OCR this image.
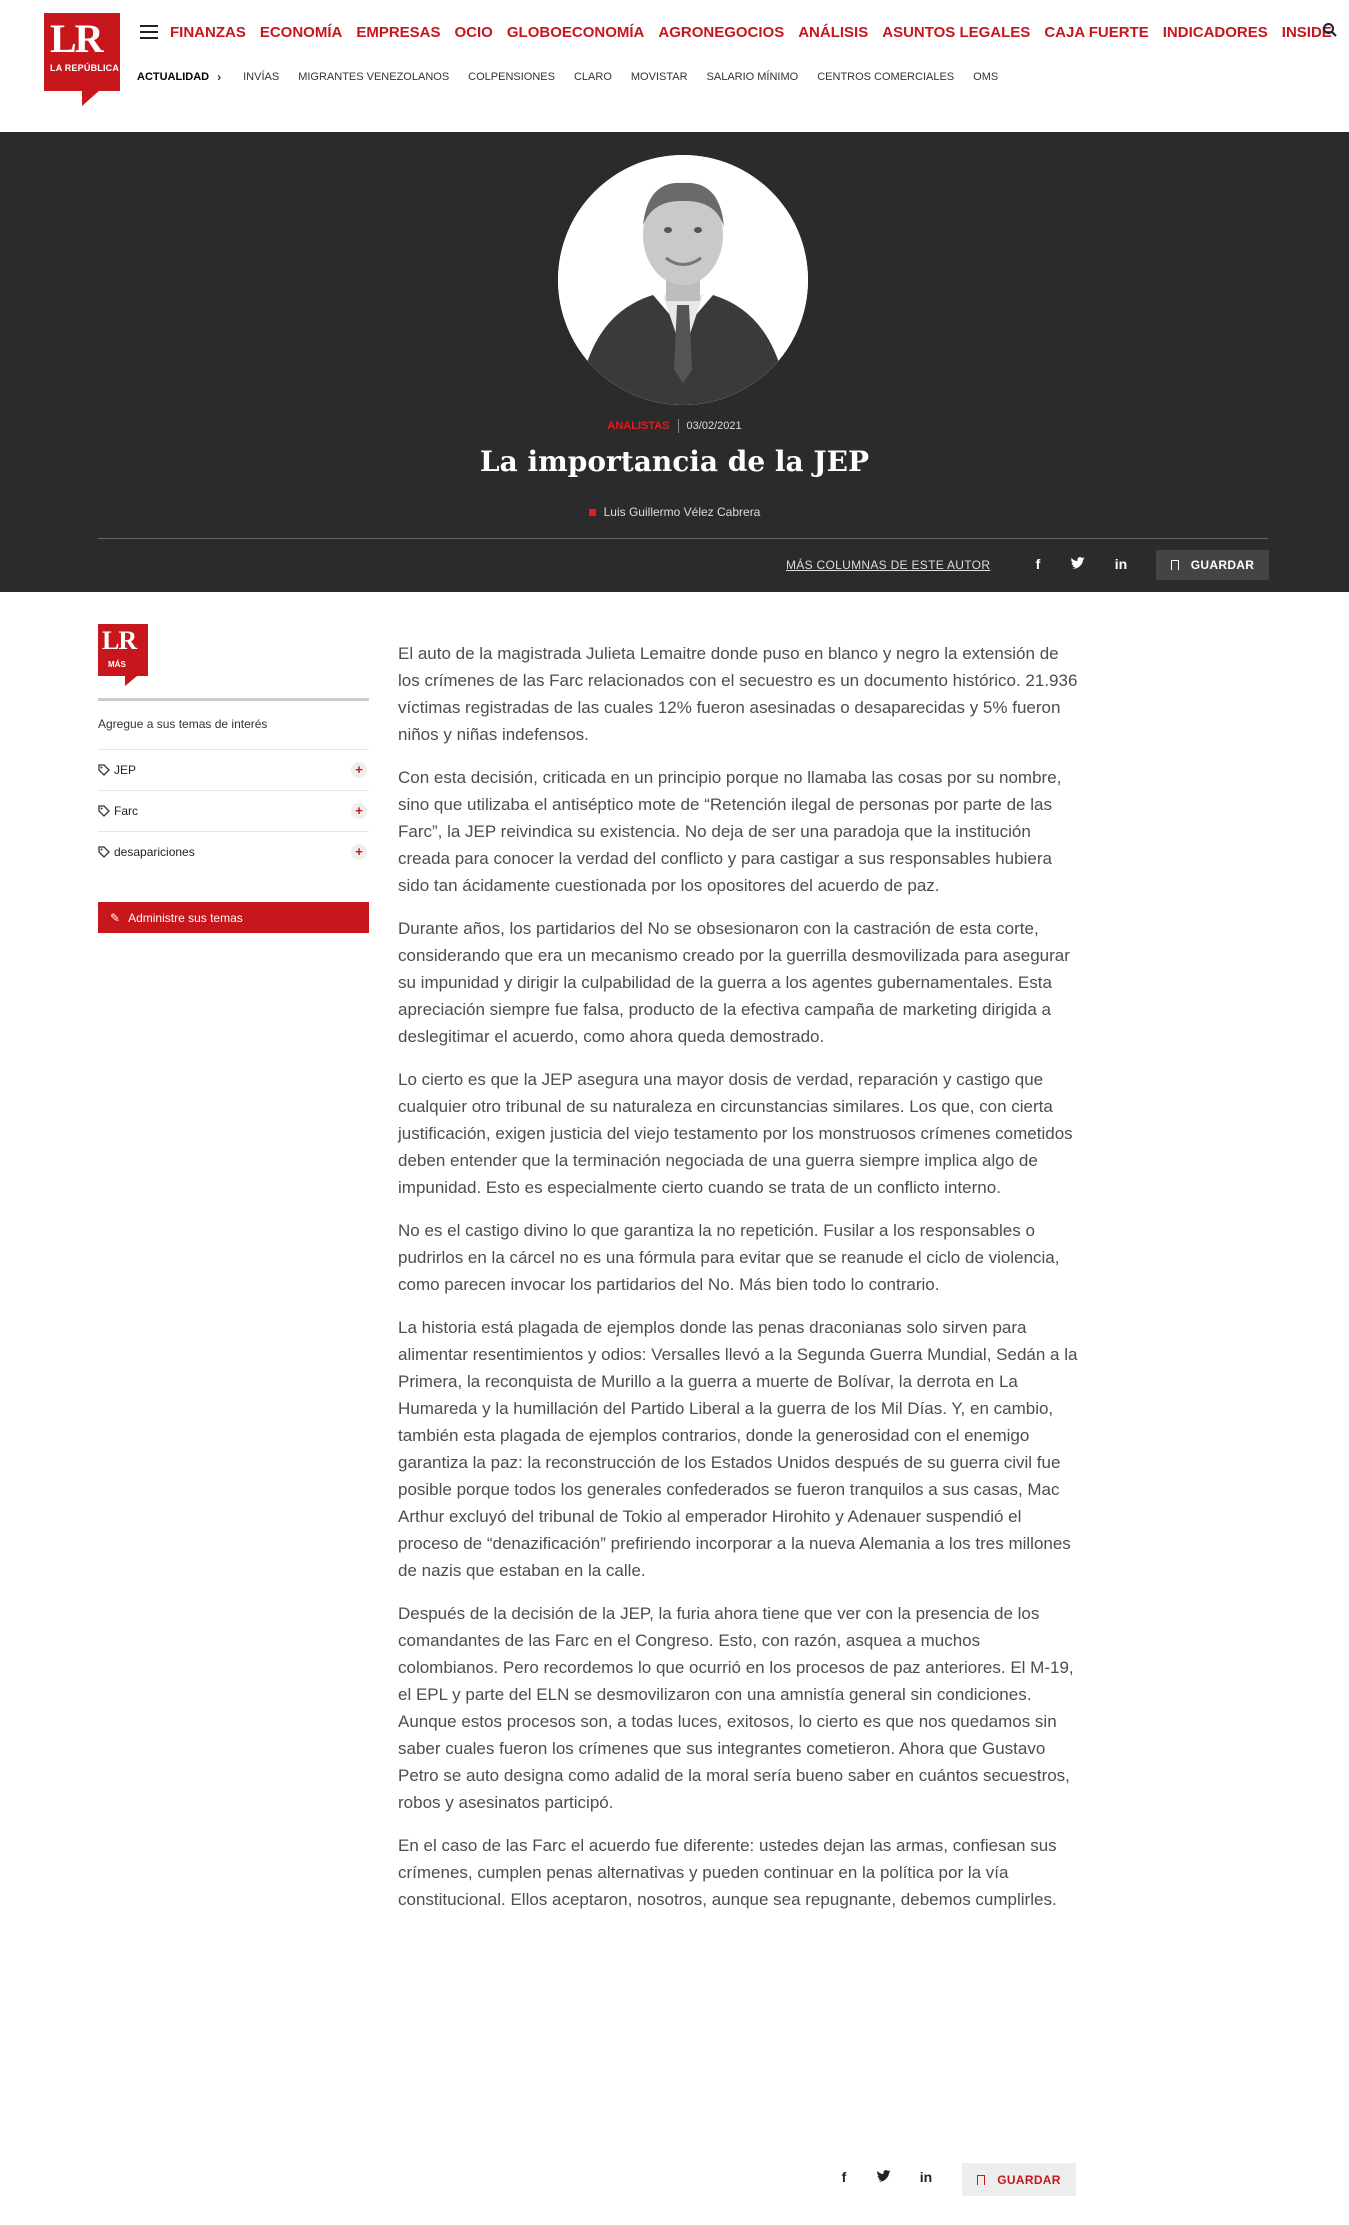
LR
LA REPÚBLICA
FINANZAS ECONOMÍA EMPRESAS OCIO GLOBOECONOMÍA AGRONEGOCIOS ANÁLISIS ASUNTOS LEGALES CAJA FUERTE INDICADORES INSIDE
ACTUALIDAD › INVÍAS MIGRANTES VENEZOLANOS COLPENSIONES CLARO MOVISTAR SALARIO MÍNIMO CENTROS COMERCIALES OMS
ANALISTAS 03/02/2021
La importancia de la JEP
Luis Guillermo Vélez Cabrera
MÁS COLUMNAS DE ESTE AUTOR	f	in	GUARDAR
LR
MÁS
Agregue a sus temas de interés
JEP	+
Farc	+
desapariciones	+
✎ Administre sus temas

El auto de la magistrada Julieta Lemaitre donde puso en blanco y negro la extensión de los crímenes de las Farc relacionados con el secuestro es un documento histórico. 21.936 víctimas registradas de las cuales 12% fueron asesinadas o desaparecidas y 5% fueron niños y niñas indefensos.

Con esta decisión, criticada en un principio porque no llamaba las cosas por su nombre, sino que utilizaba el antiséptico mote de “Retención ilegal de personas por parte de las Farc”, la JEP reivindica su existencia. No deja de ser una paradoja que la institución creada para conocer la verdad del conflicto y para castigar a sus responsables hubiera sido tan ácidamente cuestionada por los opositores del acuerdo de paz.

Durante años, los partidarios del No se obsesionaron con la castración de esta corte, considerando que era un mecanismo creado por la guerrilla desmovilizada para asegurar su impunidad y dirigir la culpabilidad de la guerra a los agentes gubernamentales. Esta apreciación siempre fue falsa, producto de la efectiva campaña de marketing dirigida a deslegitimar el acuerdo, como ahora queda demostrado.

Lo cierto es que la JEP asegura una mayor dosis de verdad, reparación y castigo que cualquier otro tribunal de su naturaleza en circunstancias similares. Los que, con cierta justificación, exigen justicia del viejo testamento por los monstruosos crímenes cometidos deben entender que la terminación negociada de una guerra siempre implica algo de impunidad. Esto es especialmente cierto cuando se trata de un conflicto interno.

No es el castigo divino lo que garantiza la no repetición. Fusilar a los responsables o pudrirlos en la cárcel no es una fórmula para evitar que se reanude el ciclo de violencia, como parecen invocar los partidarios del No. Más bien todo lo contrario.

La historia está plagada de ejemplos donde las penas draconianas solo sirven para alimentar resentimientos y odios: Versalles llevó a la Segunda Guerra Mundial, Sedán a la Primera, la reconquista de Murillo a la guerra a muerte de Bolívar, la derrota en La Humareda y la humillación del Partido Liberal a la guerra de los Mil Días. Y, en cambio, también esta plagada de ejemplos contrarios, donde la generosidad con el enemigo garantiza la paz: la reconstrucción de los Estados Unidos después de su guerra civil fue posible porque todos los generales confederados se fueron tranquilos a sus casas, Mac Arthur excluyó del tribunal de Tokio al emperador Hirohito y Adenauer suspendió el proceso de “denazificación” prefiriendo incorporar a la nueva Alemania a los tres millones de nazis que estaban en la calle.

Después de la decisión de la JEP, la furia ahora tiene que ver con la presencia de los comandantes de las Farc en el Congreso. Esto, con razón, asquea a muchos colombianos. Pero recordemos lo que ocurrió en los procesos de paz anteriores. El M-19, el EPL y parte del ELN se desmovilizaron con una amnistía general sin condiciones. Aunque estos procesos son, a todas luces, exitosos, lo cierto es que nos quedamos sin saber cuales fueron los crímenes que sus integrantes cometieron. Ahora que Gustavo Petro se auto designa como adalid de la moral sería bueno saber en cuántos secuestros, robos y asesinatos participó.

En el caso de las Farc el acuerdo fue diferente: ustedes dejan las armas, confiesan sus crímenes, cumplen penas alternativas y pueden continuar en la política por la vía constitucional. Ellos aceptaron, nosotros, aunque sea repugnante, debemos cumplirles.

f	in	GUARDAR
